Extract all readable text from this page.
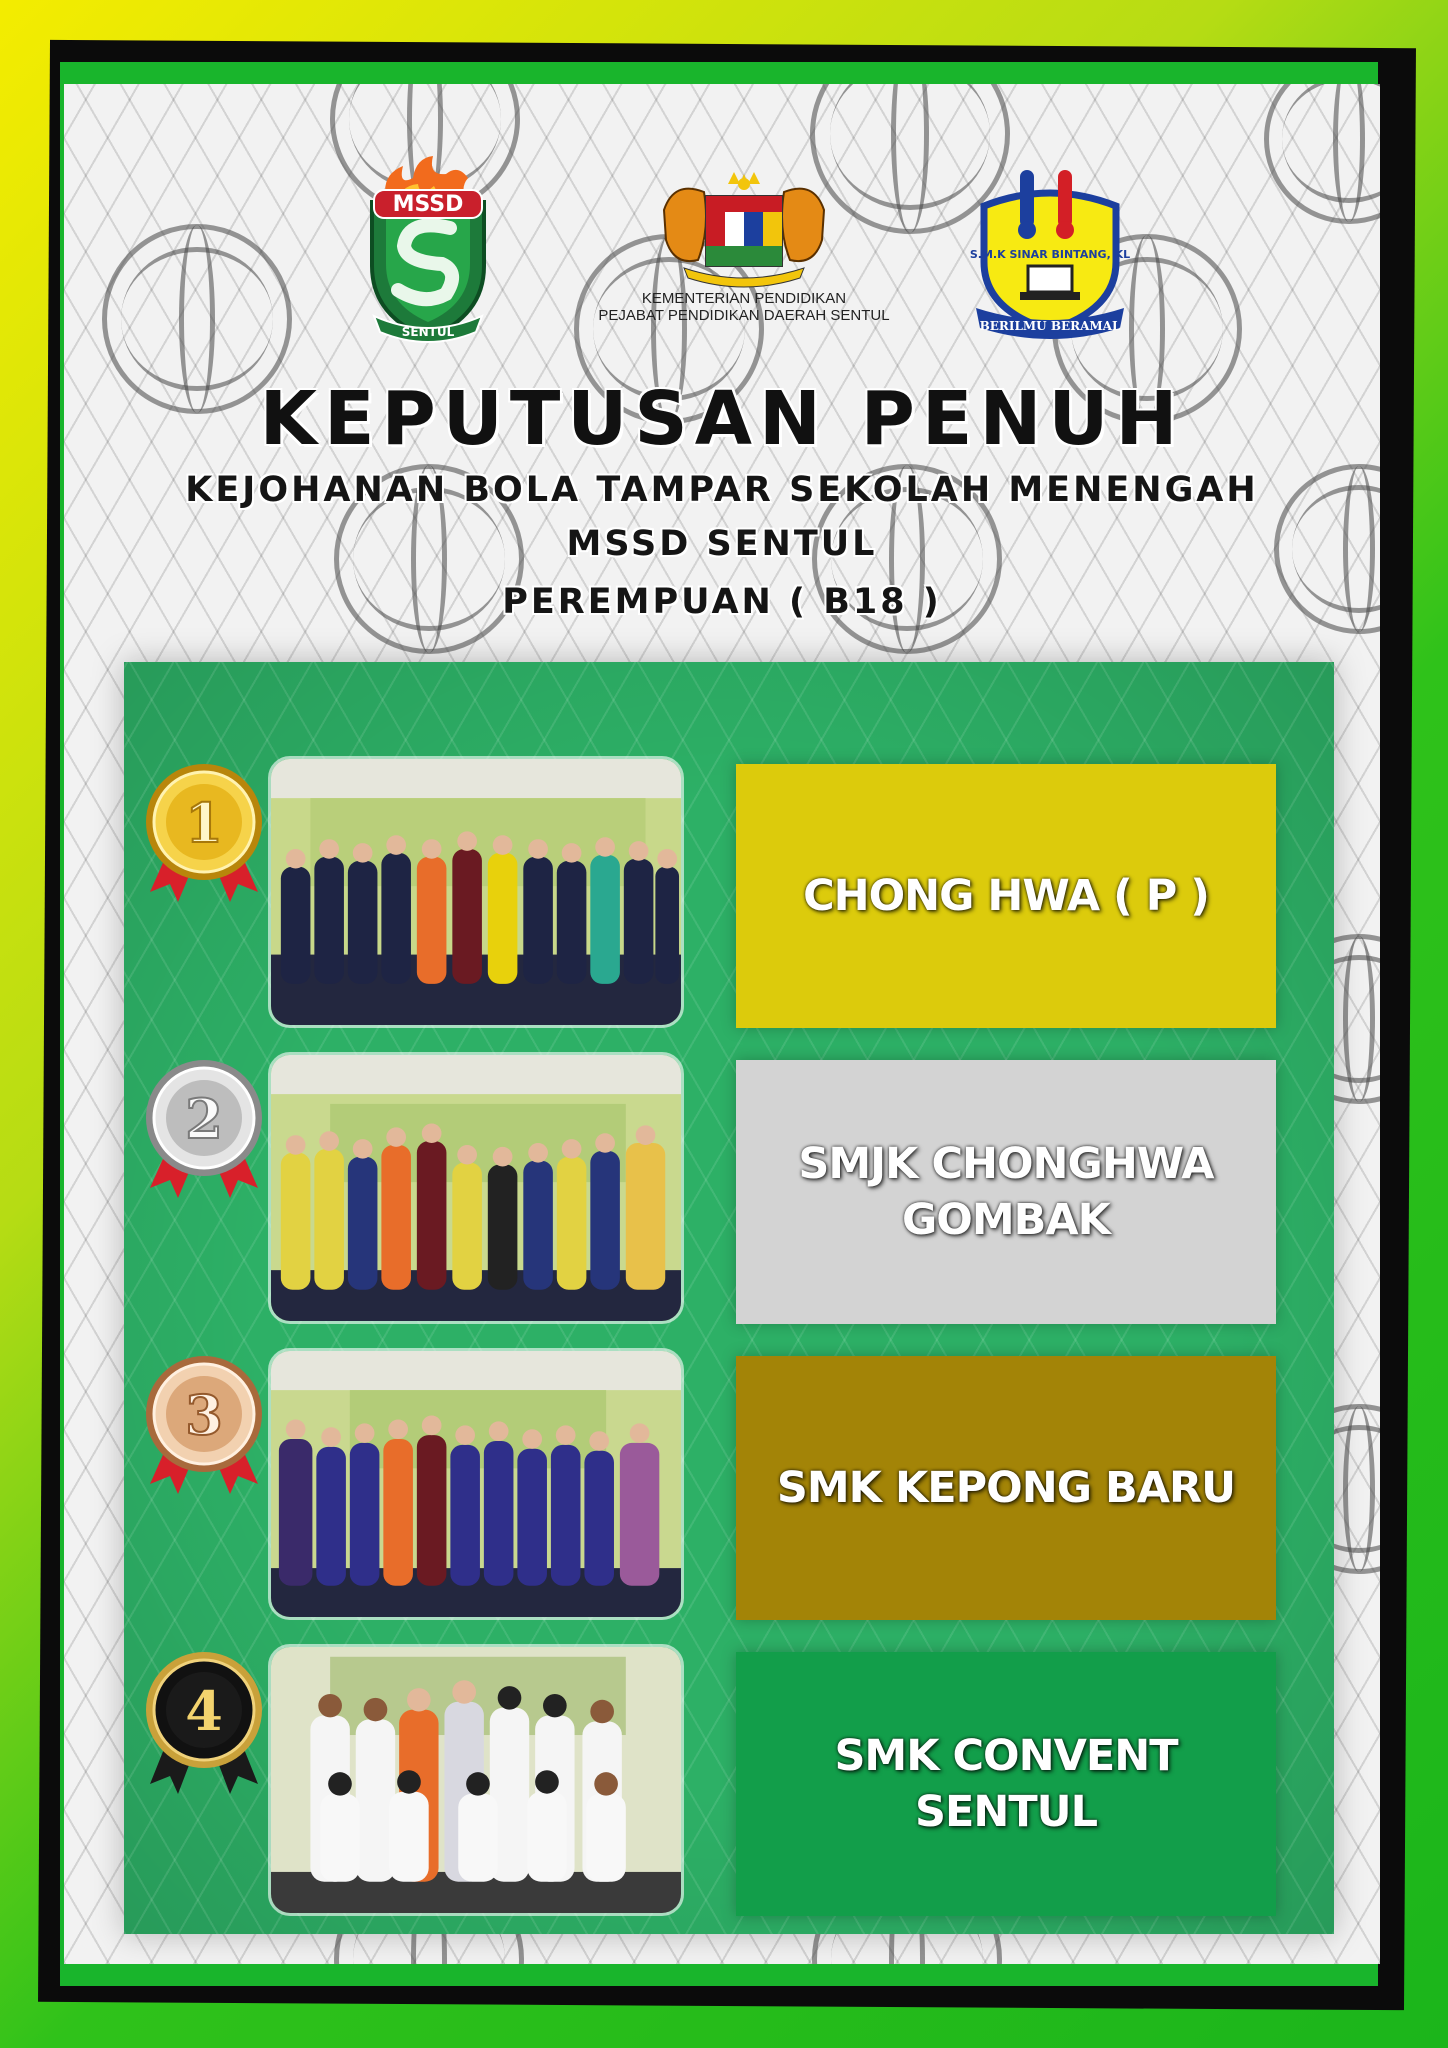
MSSD
SENTUL
KEMENTERIAN PENDIDIKAN
PEJABAT PENDIDIKAN DAERAH SENTUL
S.M.K SINAR BINTANG, KL
BERILMU BERAMAL
KEPUTUSAN PENUH
KEJOHANAN BOLA TAMPAR SEKOLAH MENENGAH
MSSD SENTUL
PEREMPUAN ( B18 )
1
CHONG HWA ( P )
2
SMJK CHONGHWA GOMBAK
3
SMK KEPONG BARU
4
SMK CONVENT SENTUL
